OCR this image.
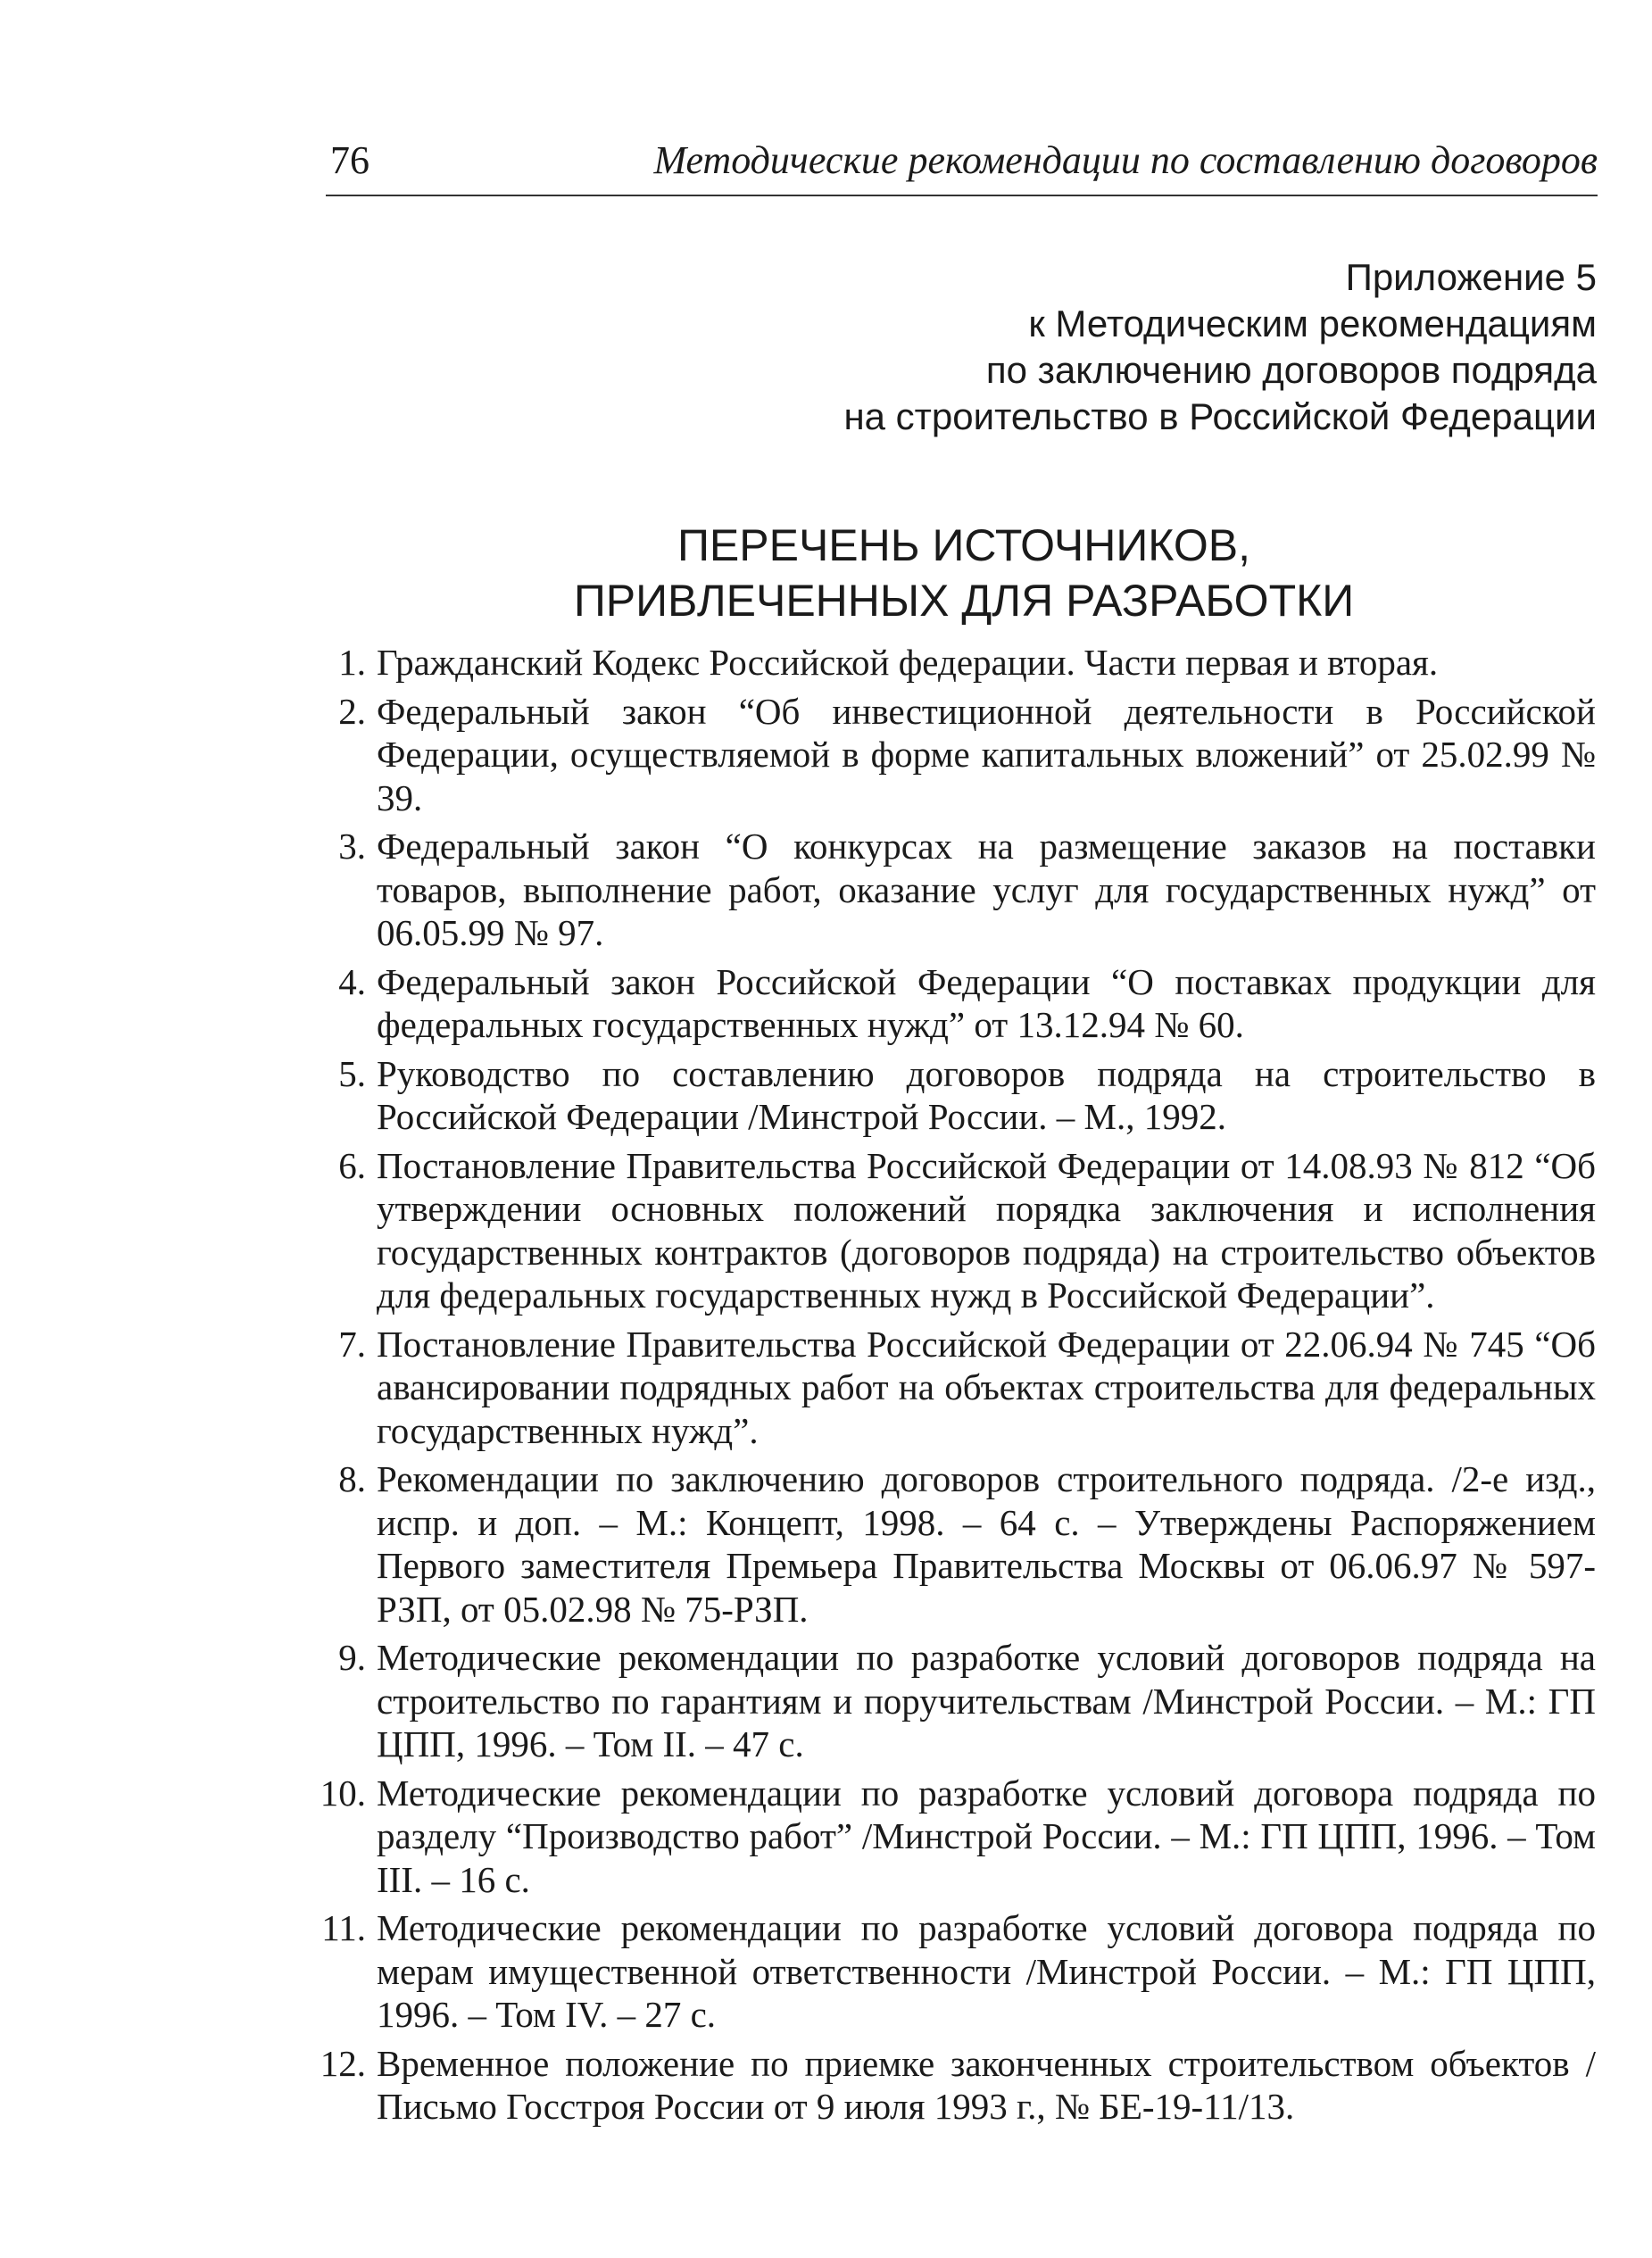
76	Методические рекомендации по составлению договоров
Приложение 5
к Методическим рекомендациям
по заключению договоров подряда
на строительство в Российской Федерации
ПЕРЕЧЕНЬ ИСТОЧНИКОВ,
ПРИВЛЕЧЕННЫХ ДЛЯ РАЗРАБОТКИ
1. Гражданский Кодекс Российской федерации. Части первая и вторая.
2. Федеральный закон “Об инвестиционной деятельности в Российской Федерации, осуществляемой в форме капитальных вложений” от 25.02.99 № 39.
3. Федеральный закон “О конкурсах на размещение заказов на поставки товаров, выполнение работ, оказание услуг для государственных нужд” от 06.05.99 № 97.
4. Федеральный закон Российской Федерации “О поставках продукции для федеральных государственных нужд” от 13.12.94 № 60.
5. Руководство по составлению договоров подряда на строительство в Российской Федерации /Минстрой России. – М., 1992.
6. Постановление Правительства Российской Федерации от 14.08.93 № 812 “Об утверждении основных положений порядка заключения и исполнения государственных контрактов (договоров подряда) на строительство объектов для федеральных государственных нужд в Российской Федерации”.
7. Постановление Правительства Российской Федерации от 22.06.94 № 745 “Об авансировании подрядных работ на объектах строительства для федеральных государственных нужд”.
8. Рекомендации по заключению договоров строительного подряда. /2-е изд., испр. и доп. – М.: Концепт, 1998. – 64 с. – Утверждены Распоряжением Первого заместителя Премьера Правительства Москвы от 06.06.97 № 597-РЗП, от 05.02.98 № 75-РЗП.
9. Методические рекомендации по разработке условий договоров подряда на строительство по гарантиям и поручительствам /Минстрой России. – М.: ГП ЦПП, 1996. – Том II. – 47 с.
10. Методические рекомендации по разработке условий договора подряда по разделу “Производство работ” /Минстрой России. – М.: ГП ЦПП, 1996. – Том III. – 16 с.
11. Методические рекомендации по разработке условий договора подряда по мерам имущественной ответственности /Минстрой России. – М.: ГП ЦПП, 1996. – Том IV. – 27 с.
12. Временное положение по приемке законченных строительством объектов /Письмо Госстроя России от 9 июля 1993 г., № БЕ-19-11/13.
